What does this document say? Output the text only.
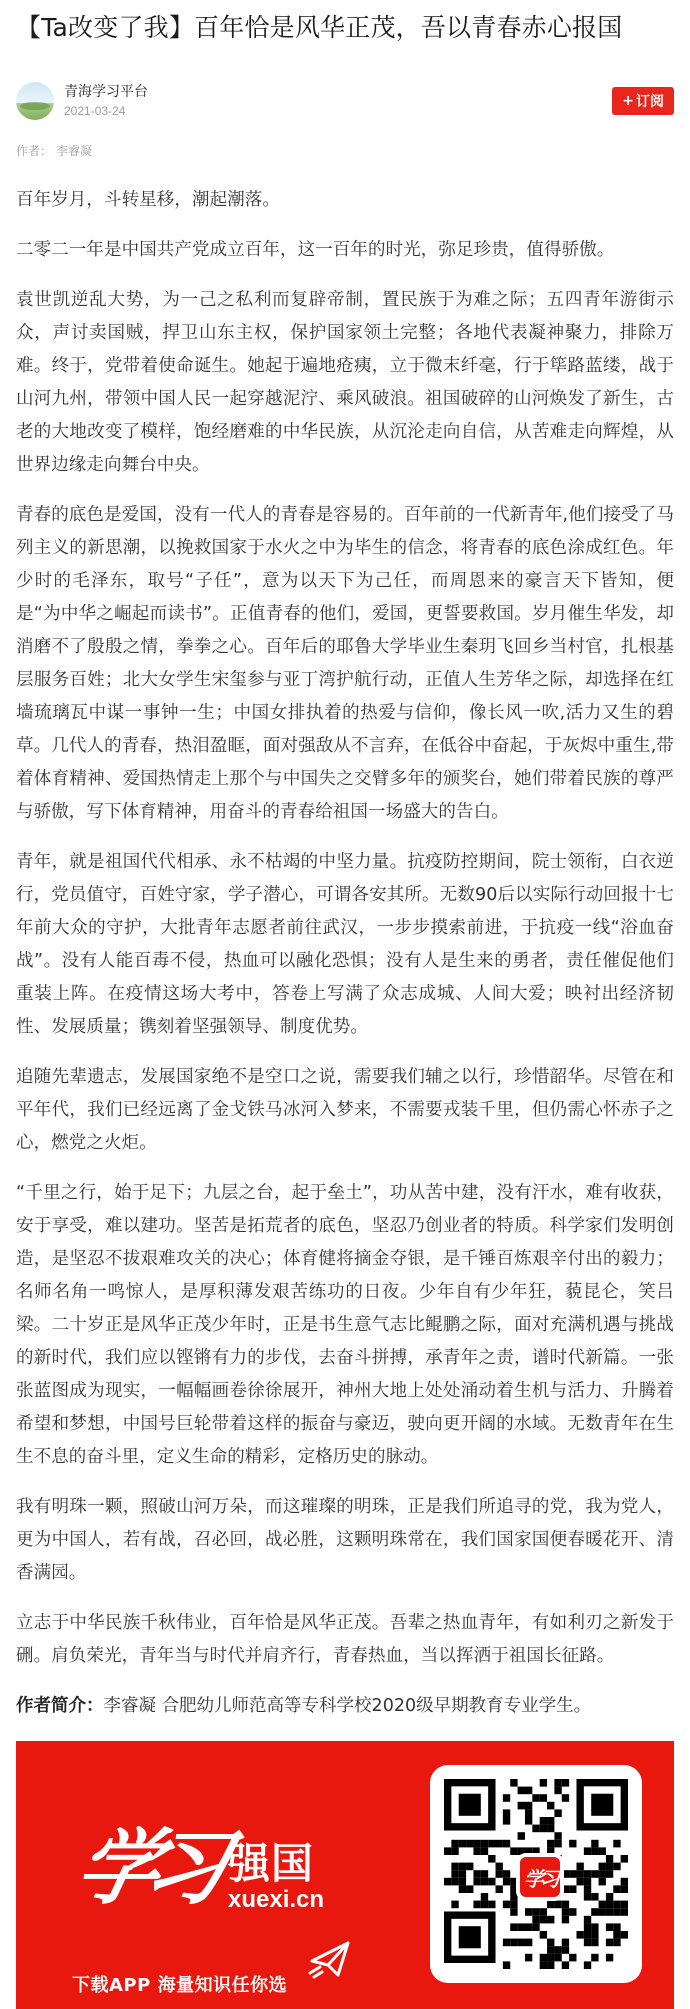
【Ta改变了我】百年恰是风华正茂，吾以青春赤心报国
青海学习平台
2021-03-24
+ 订阅
作者： 李睿凝

百年岁月，斗转星移，潮起潮落。

二零二一年是中国共产党成立百年，这一百年的时光，弥足珍贵，值得骄傲。

袁世凯逆乱大势，为一己之私利而复辟帝制，置民族于为难之际；五四青年游街示众，声讨卖国贼，捍卫山东主权，保护国家领土完整；各地代表凝神聚力，排除万难。终于，党带着使命诞生。她起于遍地疮痍，立于微末纤毫，行于筚路蓝缕，战于山河九州，带领中国人民一起穿越泥泞、乘风破浪。祖国破碎的山河焕发了新生，古老的大地改变了模样，饱经磨难的中华民族，从沉沦走向自信，从苦难走向辉煌，从世界边缘走向舞台中央。

青春的底色是爱国，没有一代人的青春是容易的。百年前的一代新青年,他们接受了马列主义的新思潮，以挽救国家于水火之中为毕生的信念，将青春的底色涂成红色。年少时的毛泽东，取号“子任”，意为以天下为己任，而周恩来的豪言天下皆知，便是“为中华之崛起而读书”。正值青春的他们，爱国，更誓要救国。岁月催生华发，却消磨不了殷殷之情，拳拳之心。百年后的耶鲁大学毕业生秦玥飞回乡当村官，扎根基层服务百姓；北大女学生宋玺参与亚丁湾护航行动，正值人生芳华之际，却选择在红墙琉璃瓦中谋一事钟一生；中国女排执着的热爱与信仰，像长风一吹,活力又生的碧草。几代人的青春，热泪盈眶，面对强敌从不言弃，在低谷中奋起，于灰烬中重生,带着体育精神、爱国热情走上那个与中国失之交臂多年的颁奖台，她们带着民族的尊严与骄傲，写下体育精神，用奋斗的青春给祖国一场盛大的告白。

青年，就是祖国代代相承、永不枯竭的中坚力量。抗疫防控期间，院士领衔，白衣逆行，党员值守，百姓守家，学子潜心，可谓各安其所。无数90后以实际行动回报十七年前大众的守护，大批青年志愿者前往武汉，一步步摸索前进，于抗疫一线“浴血奋战”。没有人能百毒不侵，热血可以融化恐惧；没有人是生来的勇者，责任催促他们重装上阵。在疫情这场大考中，答卷上写满了众志成城、人间大爱；映衬出经济韧性、发展质量；镌刻着坚强领导、制度优势。

追随先辈遗志，发展国家绝不是空口之说，需要我们辅之以行，珍惜韶华。尽管在和平年代，我们已经远离了金戈铁马冰河入梦来，不需要戎装千里，但仍需心怀赤子之心，燃党之火炬。

“千里之行，始于足下；九层之台，起于垒土”，功从苦中建，没有汗水，难有收获，安于享受，难以建功。坚苦是拓荒者的底色，坚忍乃创业者的特质。科学家们发明创造，是坚忍不拔艰难攻关的决心；体育健将摘金夺银，是千锤百炼艰辛付出的毅力；名师名角一鸣惊人，是厚积薄发艰苦练功的日夜。少年自有少年狂，藐昆仑，笑吕梁。二十岁正是风华正茂少年时，正是书生意气志比鲲鹏之际，面对充满机遇与挑战的新时代，我们应以铿锵有力的步伐，去奋斗拼搏，承青年之责，谱时代新篇。一张张蓝图成为现实，一幅幅画卷徐徐展开，神州大地上处处涌动着生机与活力、升腾着希望和梦想，中国号巨轮带着这样的振奋与豪迈，驶向更开阔的水域。无数青年在生生不息的奋斗里，定义生命的精彩，定格历史的脉动。

我有明珠一颗，照破山河万朵，而这璀璨的明珠，正是我们所追寻的党，我为党人，更为中国人，若有战，召必回，战必胜，这颗明珠常在，我们国家国便春暖花开、清香满园。

立志于中华民族千秋伟业，百年恰是风华正茂。吾辈之热血青年，有如利刃之新发于硎。肩负荣光，青年当与时代并肩齐行，青春热血，当以挥洒于祖国长征路。

作者简介：李睿凝 合肥幼儿师范高等专科学校2020级早期教育专业学生。
学习 强国
xuexi.cn
下载APP 海量知识任你选
学习
